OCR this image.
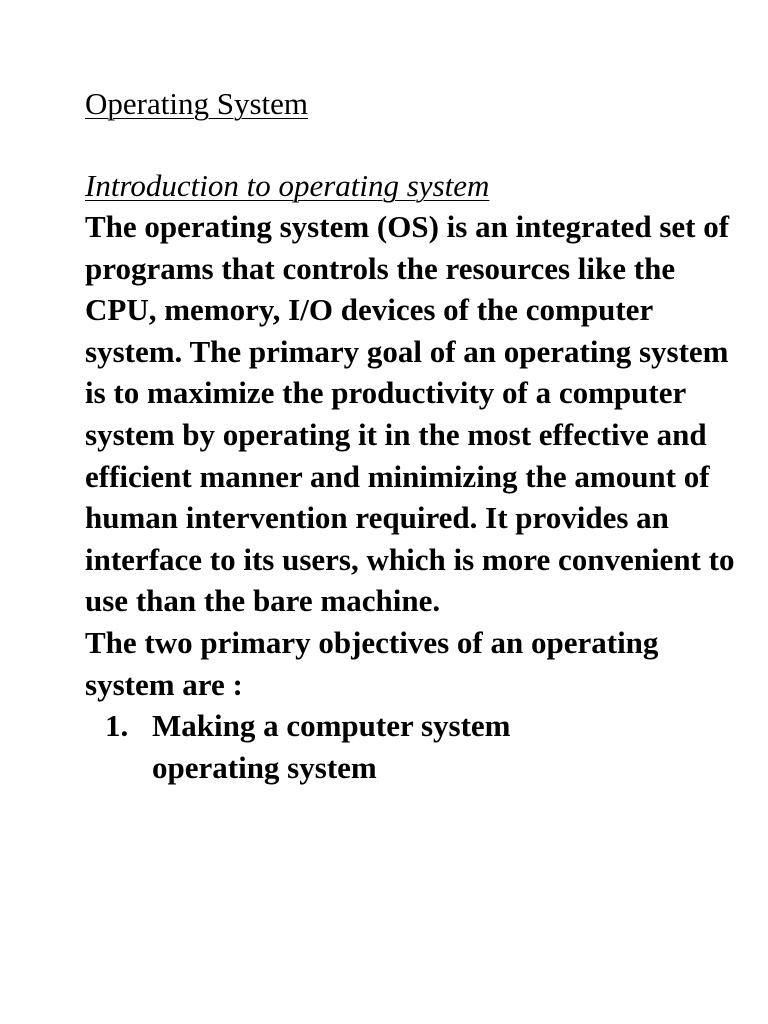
Operating System
Introduction to operating system

The operating system (OS) is an integrated set of programs that controls the resources like the CPU, memory, I/O devices of the computer system. The primary goal of an operating system is to maximize the productivity of a computer system by operating it in the most effective and efficient manner and minimizing the amount of human intervention required. It provides an interface to its users, which is more convenient to use than the bare machine.

The two primary objectives of an operating system are :

1. Making a computer system operating system
